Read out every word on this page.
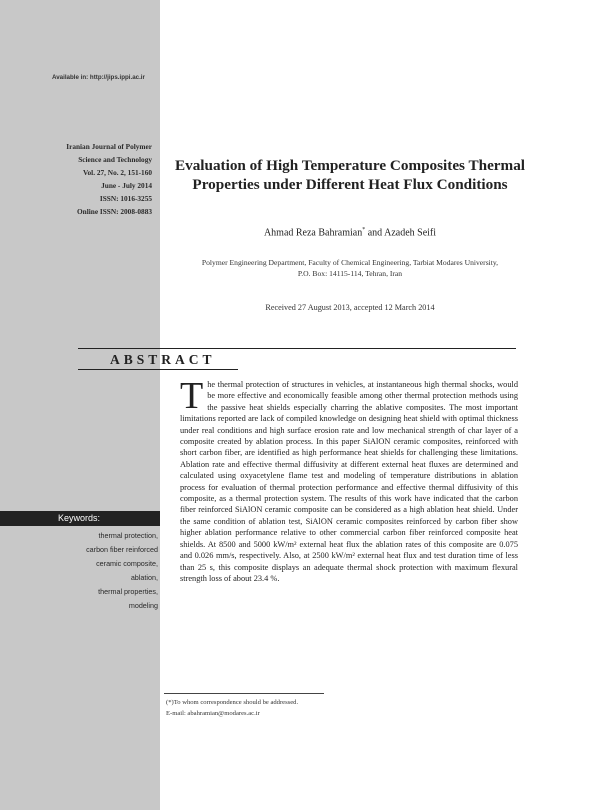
Available in: http://jips.ippi.ac.ir
Iranian Journal of Polymer
Science and Technology
Vol. 27, No. 2, 151-160
June - July 2014
ISSN: 1016-3255
Online ISSN: 2008-0883
Evaluation of High Temperature Composites Thermal
Properties under Different Heat Flux Conditions
Ahmad Reza Bahramian* and Azadeh Seifi
Polymer Engineering Department, Faculty of Chemical Engineering, Tarbiat Modares University,
P.O. Box: 14115-114, Tehran, Iran
Received 27 August 2013, accepted 12 March 2014
ABSTRACT
The thermal protection of structures in vehicles, at instantaneous high thermal shocks, would be more effective and economically feasible among other thermal protection methods using the passive heat shields especially charring the ablative composites. The most important limitations reported are lack of compiled knowledge on designing heat shield with optimal thickness under real conditions and high surface erosion rate and low mechanical strength of char layer of a composite created by ablation process. In this paper SiAlON ceramic composites, reinforced with short carbon fiber, are identified as high performance heat shields for challenging these limitations. Ablation rate and effective thermal diffusivity at different external heat fluxes are determined and calculated using oxyacetylene flame test and modeling of temperature distributions in ablation process for evaluation of thermal protection performance and effective thermal diffusivity of this composite, as a thermal protection system. The results of this work have indicated that the carbon fiber reinforced SiAlON ceramic composite can be considered as a high ablation heat shield. Under the same condition of ablation test, SiAlON ceramic composites reinforced by carbon fiber show higher ablation performance relative to other commercial carbon fiber reinforced composite heat shields. At 8500 and 5000 kW/m² external heat flux the ablation rates of this composite are 0.075 and 0.026 mm/s, respectively. Also, at 2500 kW/m² external heat flux and test duration time of less than 25 s, this composite displays an adequate thermal shock protection with maximum flexural strength loss of about 23.4 %.
Keywords:
thermal protection,
carbon fiber reinforced
ceramic composite,
ablation,
thermal properties,
modeling
(*)To whom correspondence should be addressed.
E-mail: abahramian@modares.ac.ir
